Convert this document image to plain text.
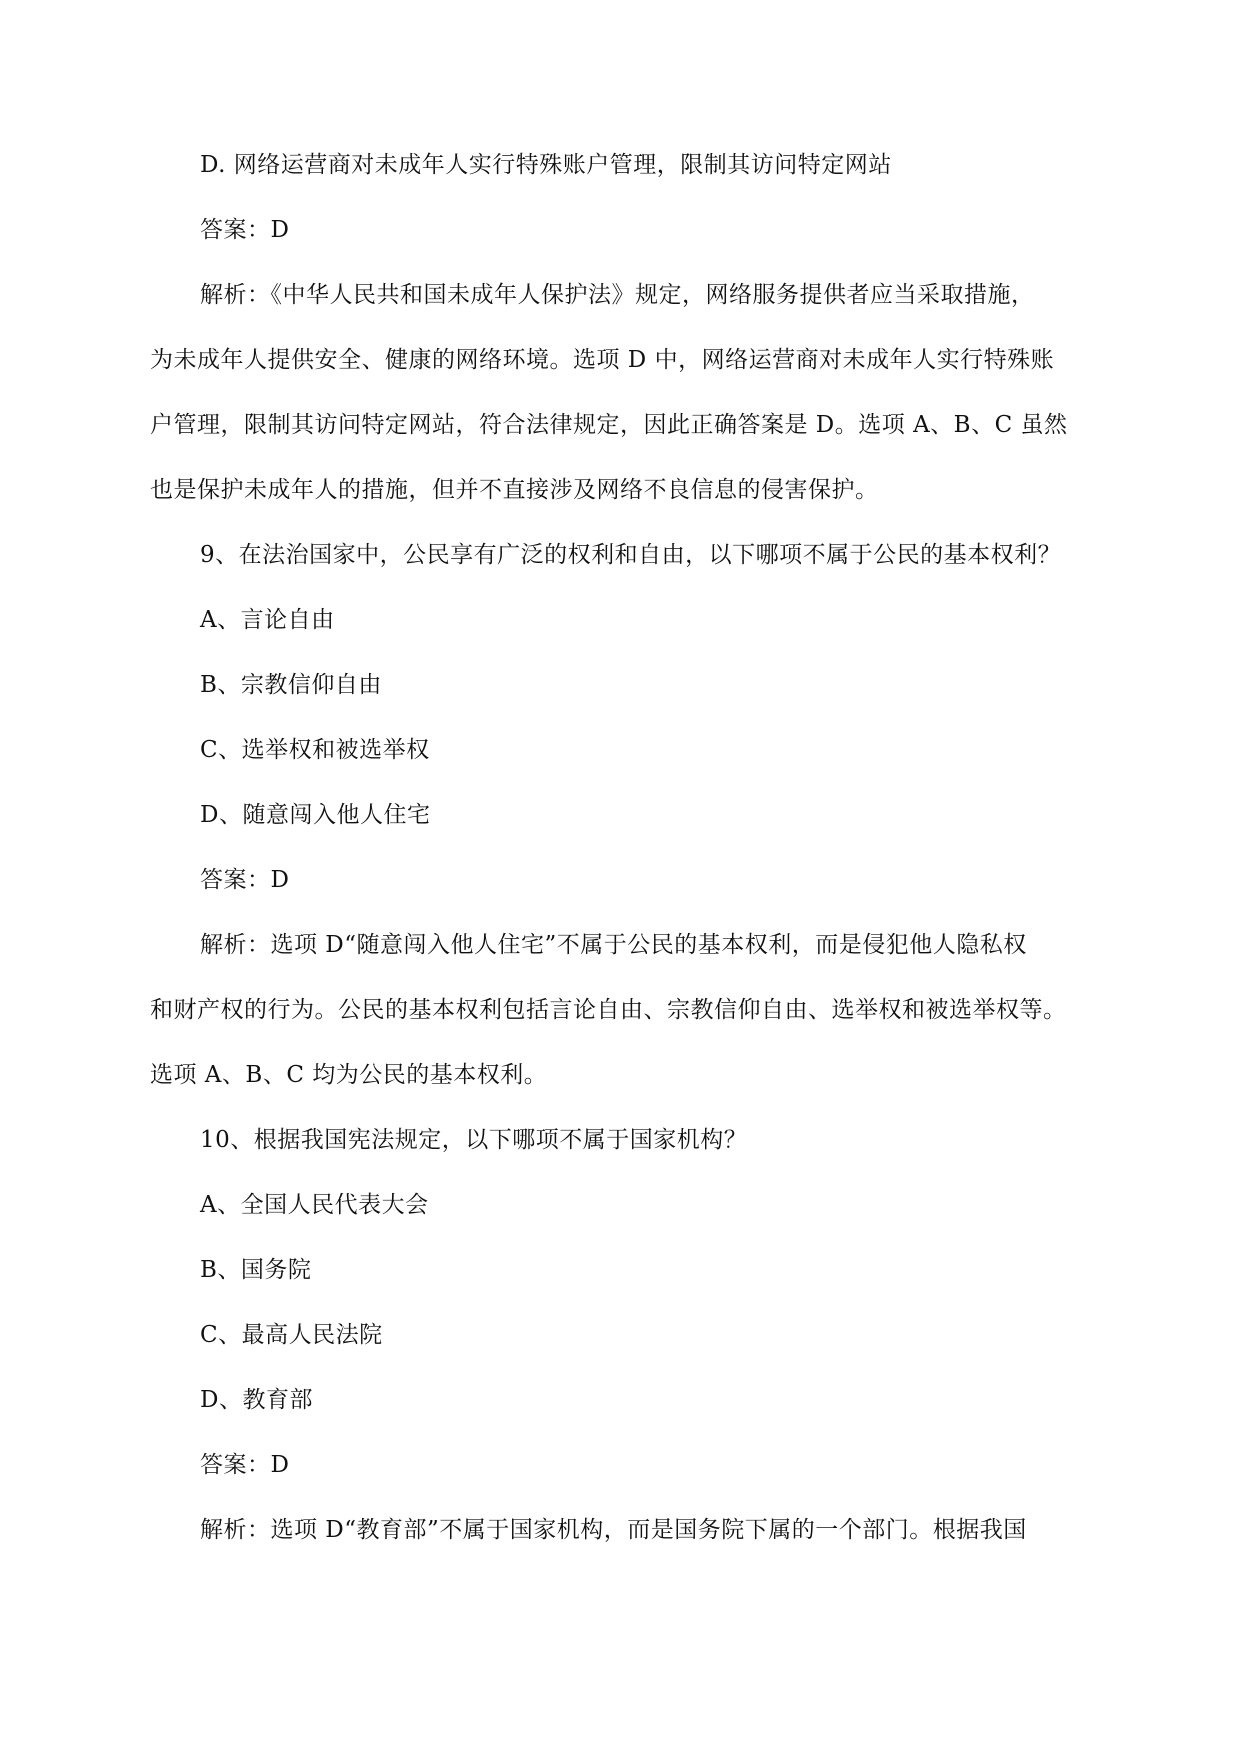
D. 网络运营商对未成年人实行特殊账户管理，限制其访问特定网站
答案：D
解析：《中华人民共和国未成年人保护法》规定，网络服务提供者应当采取措施，
为未成年人提供安全、健康的网络环境。选项 D 中，网络运营商对未成年人实行特殊账
户管理，限制其访问特定网站，符合法律规定，因此正确答案是 D。选项 A、B、C 虽然
也是保护未成年人的措施，但并不直接涉及网络不良信息的侵害保护。
9、在法治国家中，公民享有广泛的权利和自由，以下哪项不属于公民的基本权利？
A、言论自由
B、宗教信仰自由
C、选举权和被选举权
D、随意闯入他人住宅
答案：D
解析：选项 D“随意闯入他人住宅”不属于公民的基本权利，而是侵犯他人隐私权
和财产权的行为。公民的基本权利包括言论自由、宗教信仰自由、选举权和被选举权等。
选项 A、B、C 均为公民的基本权利。
10、根据我国宪法规定，以下哪项不属于国家机构？
A、全国人民代表大会
B、国务院
C、最高人民法院
D、教育部
答案：D
解析：选项 D“教育部”不属于国家机构，而是国务院下属的一个部门。根据我国
